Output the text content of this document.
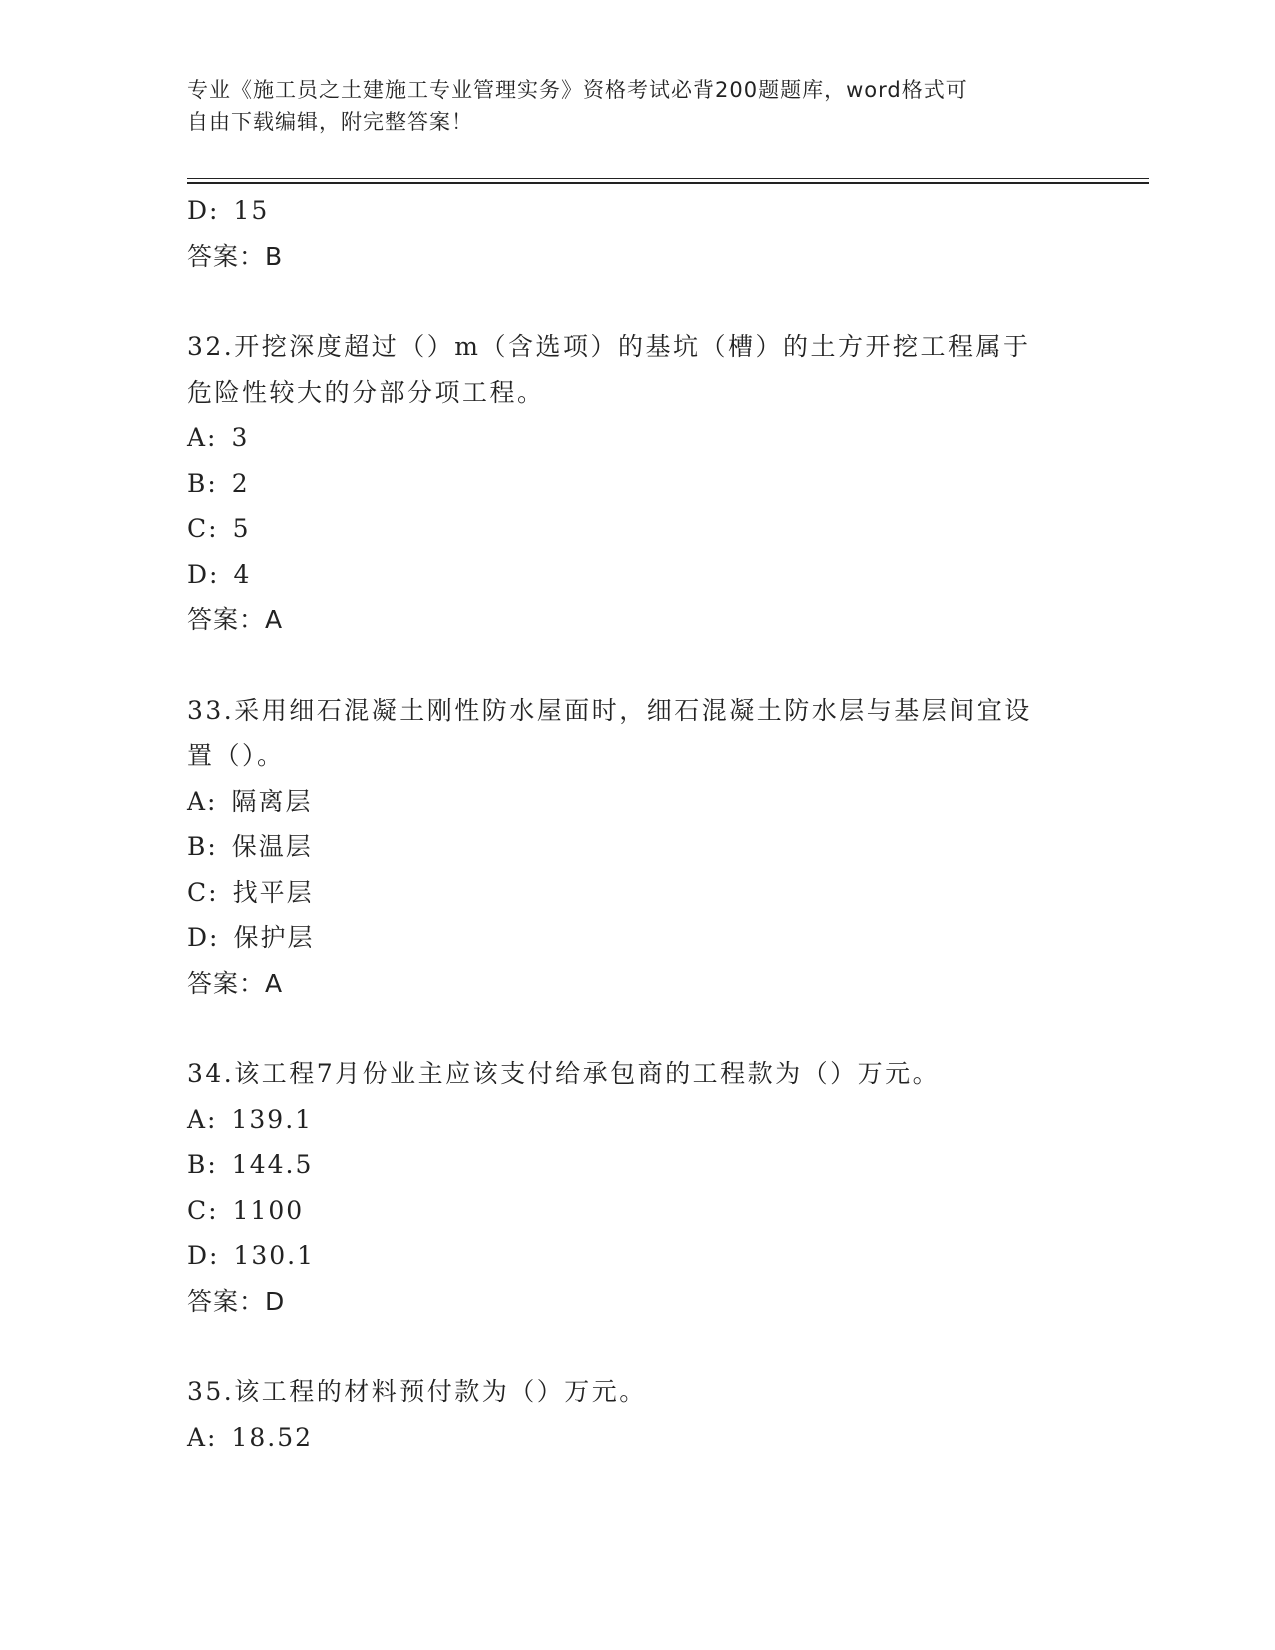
专业《施工员之土建施工专业管理实务》资格考试必背200题题库，word格式可
自由下载编辑，附完整答案！
D: 15
答案：B
32.开挖深度超过（）m（含选项）的基坑（槽）的土方开挖工程属于
危险性较大的分部分项工程。
A: 3
B: 2
C: 5
D: 4
答案：A
33.采用细石混凝土刚性防水屋面时，细石混凝土防水层与基层间宜设
置（）。
A: 隔离层
B: 保温层
C: 找平层
D: 保护层
答案：A
34.该工程7月份业主应该支付给承包商的工程款为（）万元。
A: 139.1
B: 144.5
C: 1100
D: 130.1
答案：D
35.该工程的材料预付款为（）万元。
A: 18.52
